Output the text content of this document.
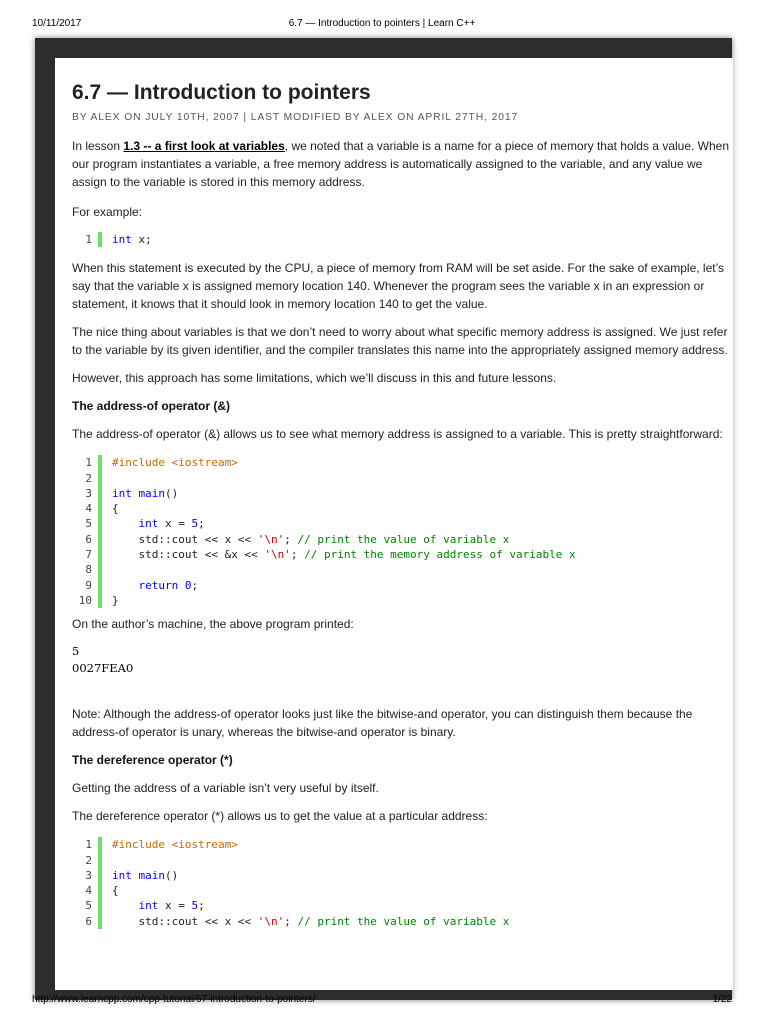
10/11/2017	6.7 — Introduction to pointers | Learn C++
6.7 — Introduction to pointers
BY ALEX ON JULY 10TH, 2007 | LAST MODIFIED BY ALEX ON APRIL 27TH, 2017

In lesson 1.3 -- a first look at variables, we noted that a variable is a name for a piece of memory that holds a value. When our program instantiates a variable, a free memory address is automatically assigned to the variable, and any value we assign to the variable is stored in this memory address.

For example:

1 int x;

When this statement is executed by the CPU, a piece of memory from RAM will be set aside. For the sake of example, let’s say that the variable x is assigned memory location 140. Whenever the program sees the variable x in an expression or statement, it knows that it should look in memory location 140 to get the value.

The nice thing about variables is that we don’t need to worry about what specific memory address is assigned. We just refer to the variable by its given identifier, and the compiler translates this name into the appropriately assigned memory address.

However, this approach has some limitations, which we’ll discuss in this and future lessons.

The address-of operator (&)

The address-of operator (&) allows us to see what memory address is assigned to a variable. This is pretty straightforward:

1
2
3
4
5
6
7
8
9
10
#include <iostream>
int main()
{
int x = 5;
std::cout << x << '\n'; // print the value of variable x
std::cout << &x << '\n'; // print the memory address of variable x
return 0;
}

On the author’s machine, the above program printed:

5
0027FEA0

Note: Although the address-of operator looks just like the bitwise-and operator, you can distinguish them because the address-of operator is unary, whereas the bitwise-and operator is binary.

The dereference operator (*)

Getting the address of a variable isn’t very useful by itself.

The dereference operator (*) allows us to get the value at a particular address:

1
2
3
4
5
6
#include <iostream>
int main()
{
int x = 5;
std::cout << x << '\n'; // print the value of variable x
http://www.learncpp.com/cpp-tutorial/67-introduction-to-pointers/	1/22
